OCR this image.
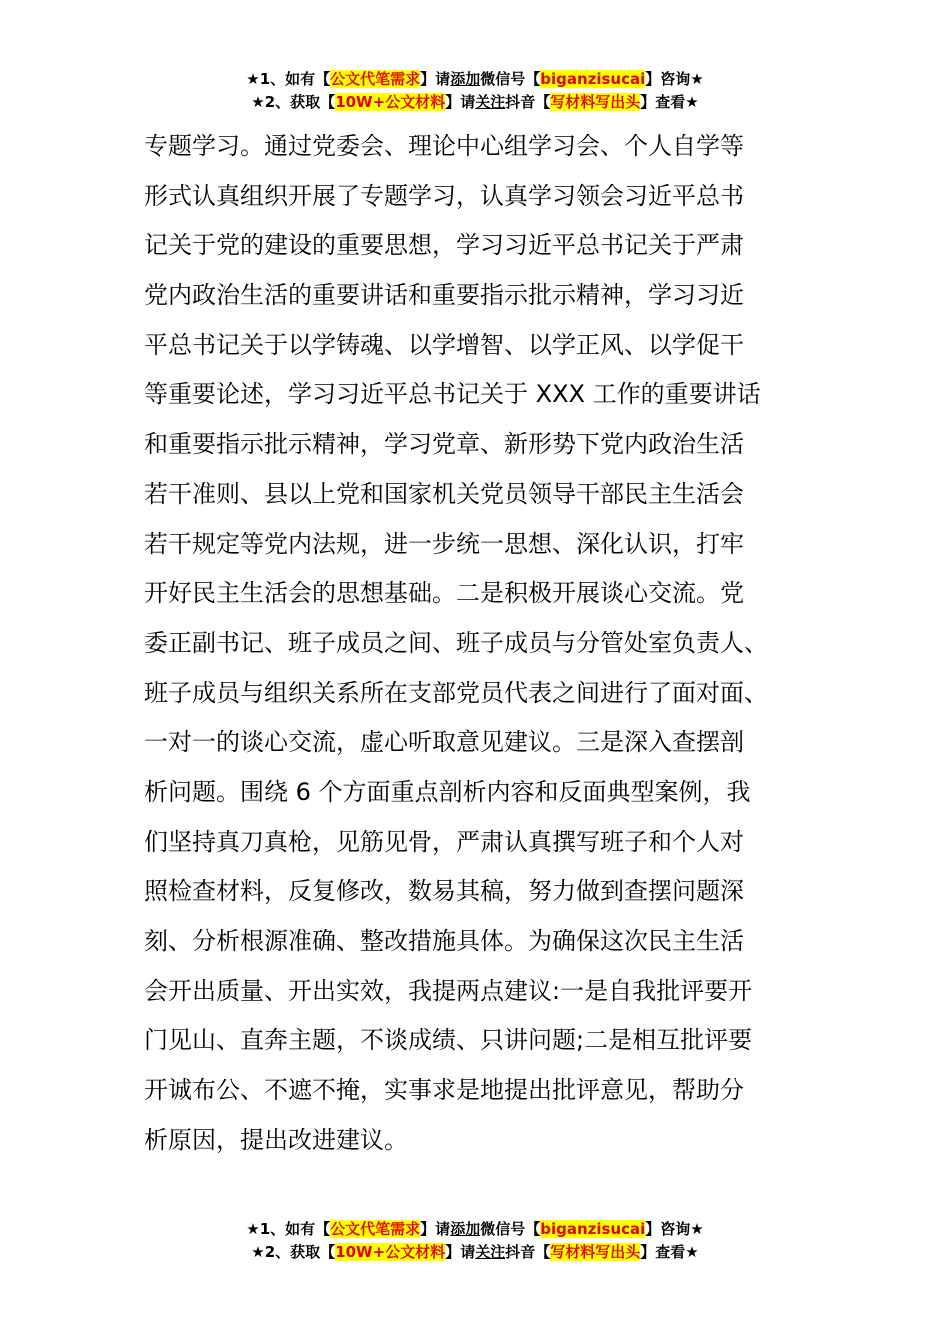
★1、如有【公文代笔需求】请添加微信号【biganzisucai】咨询★
★2、获取【10W+公文材料】请关注抖音【写材料写出头】查看★
专题学习。通过党委会、理论中心组学习会、个人自学等
形式认真组织开展了专题学习，认真学习领会习近平总书
记关于党的建设的重要思想，学习习近平总书记关于严肃
党内政治生活的重要讲话和重要指示批示精神，学习习近
平总书记关于以学铸魂、以学增智、以学正风、以学促干
等重要论述，学习习近平总书记关于 XXX 工作的重要讲话
和重要指示批示精神，学习党章、新形势下党内政治生活
若干准则、县以上党和国家机关党员领导干部民主生活会
若干规定等党内法规，进一步统一思想、深化认识，打牢
开好民主生活会的思想基础。二是积极开展谈心交流。党
委正副书记、班子成员之间、班子成员与分管处室负责人、
班子成员与组织关系所在支部党员代表之间进行了面对面、
一对一的谈心交流，虚心听取意见建议。三是深入查摆剖
析问题。围绕 6 个方面重点剖析内容和反面典型案例，我
们坚持真刀真枪，见筋见骨，严肃认真撰写班子和个人对
照检查材料，反复修改，数易其稿，努力做到查摆问题深
刻、分析根源准确、整改措施具体。为确保这次民主生活
会开出质量、开出实效，我提两点建议:一是自我批评要开
门见山、直奔主题，不谈成绩、只讲问题;二是相互批评要
开诚布公、不遮不掩，实事求是地提出批评意见，帮助分
析原因，提出改进建议。
★1、如有【公文代笔需求】请添加微信号【biganzisucai】咨询★
★2、获取【10W+公文材料】请关注抖音【写材料写出头】查看★
